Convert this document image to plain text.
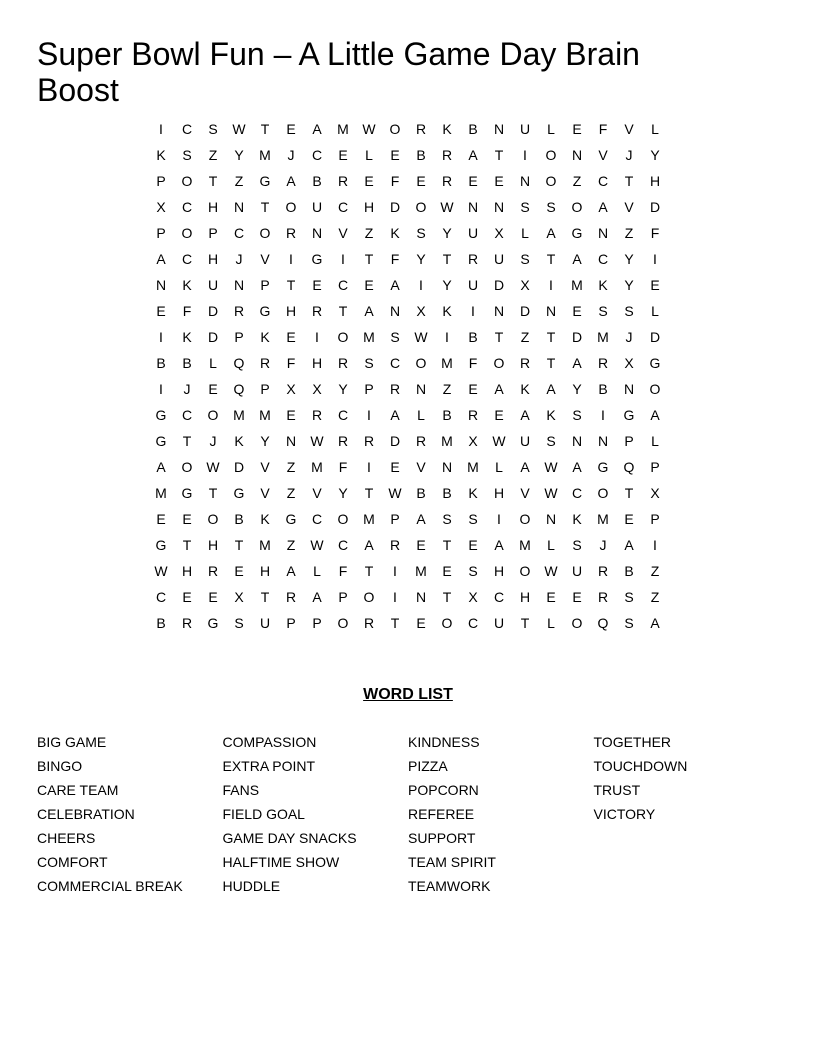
Super Bowl Fun – A Little Game Day Brain Boost
I	C	S	W	T	E	A	M W O	R	K	B	N	U	L	E	F	V	L
K	S	Z	Y	M	J	C	E	L	E	B	R	A	T	I	O	N	V	J	Y
P	O	T	Z	G	A	B	R	E	F	E	R	E	E	N	O	Z	C	T	H
X	C	H	N	T	O	U	C	H	D	O W	N	N	S	S	O	A	V	D
P	O	P	C	O	R	N	V	Z	K	S	Y	U	X	L	A	G	N	Z	F
A	C	H	J	V	I	G	I	T	F	Y	T	R	U	S	T	A	C	Y	I
N	K	U	N	P	T	E	C	E	A	I	Y	U	D	X	I	M	K	Y	E
E	F	D	R	G	H	R	T	A	N	X	K	I	N	D	N	E	S	S	L
I	K	D	P	K	E	I	O	M	S	W	I	B	T	Z	T	D	M	J	D
B	B	L	Q	R	F	H	R	S	C	O	M	F	O	R	T	A	R	X	G
I	J	E	Q	P	X	X	Y	P	R	N	Z	E	A	K	A	Y	B	N	O
G	C	O	M	M	E	R	C	I	A	L	B	R	E	A	K	S	I	G	A
G	T	J	K	Y	N	W	R	R	D	R	M	X	W	U	S	N	N	P	L
A	O W	D	V	Z	M	F	I	E	V	N	M	L	A	W	A	G	Q	P
M	G	T	G	V	Z	V	Y	T	W	B	B	K	H	V	W	C	O	T	X
E	E	O	B	K	G	C	O	M	P	A	S	S	I	O	N	K	M	E	P
G	T	H	T	M	Z	W	C	A	R	E	T	E	A	M	L	S	J	A	I
W	H	R	E	H	A	L	F	T	I	M	E	S	H	O W	U	R	B	Z
C	E	E	X	T	R	A	P	O	I	N	T	X	C	H	E	E	R	S	Z
B	R	G	S	U	P	P	O	R	T	E	O	C	U	T	L	O	Q	S	A
WORD LIST
BIG GAME
BINGO
CARE TEAM
CELEBRATION
CHEERS
COMFORT
COMMERCIAL BREAK
COMPASSION
EXTRA POINT
FANS
FIELD GOAL
GAME DAY SNACKS
HALFTIME SHOW
HUDDLE
KINDNESS
PIZZA
POPCORN
REFEREE
SUPPORT
TEAM SPIRIT
TEAMWORK
TOGETHER
TOUCHDOWN
TRUST
VICTORY
